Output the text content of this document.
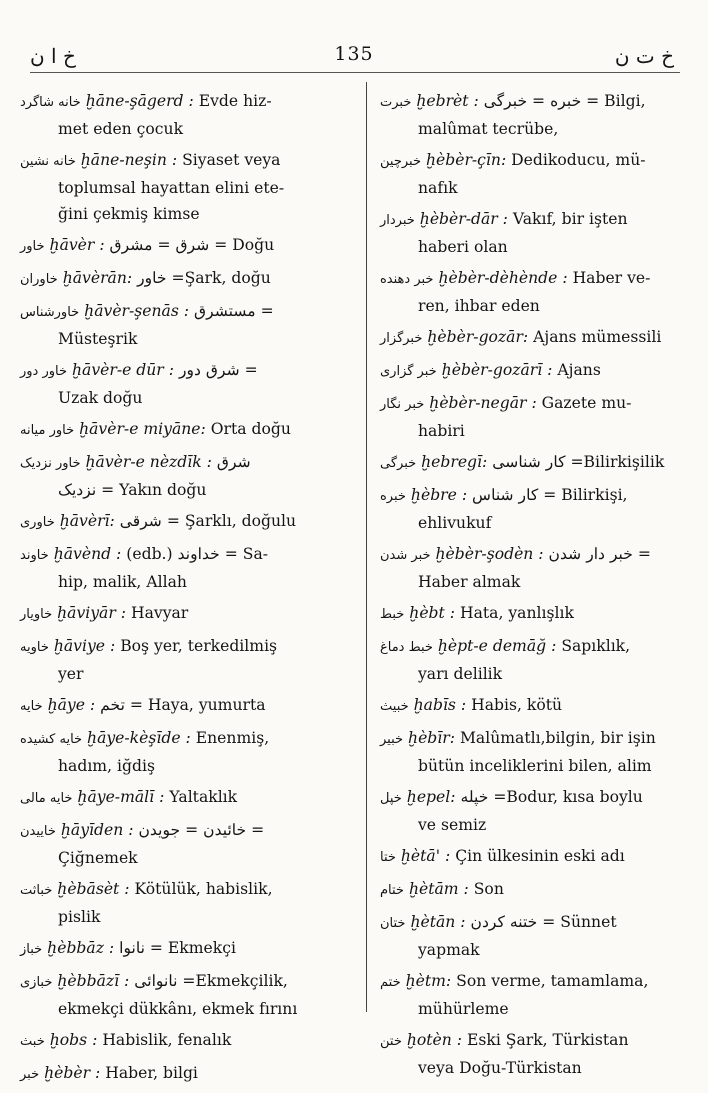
خ ا ن	135	خ ت ن
خانه شاگرد ḫāne-şāgerd : Evde hiz-
met eden çocuk
خانه نشین ḫāne-neşin : Siyaset veya
toplumsal hayattan elini ete-
ğini çekmiş kimse
خاور ḫāvèr : شرق = مشرق = Doğu
خاوران ḫāvèrān: خاور =Şark, doğu
خاورشناس ḫāvèr-şenās : مستشرق =
Müsteşrik
خاور دور ḫāvèr-e dūr : شرق دور =
Uzak doğu
خاور میانه ḫāvèr-e miyāne: Orta doğu
خاور نزدیک ḫāvèr-e nèzdīk : شرق
نزدیک = Yakın doğu
خاوری ḫāvèrī: شرقی = Şarklı, doğulu
خاوند ḫāvènd : (edb.) خداوند = Sa-
hip, malik, Allah
خاویار ḫāviyār : Havyar
خاویه ḫāviye : Boş yer, terkedilmiş
yer
خایه ḫāye : تخم = Haya, yumurta
خایه کشیده ḫāye-kèşīde : Enenmiş,
hadım, iğdiş
خایه مالی ḫāye-mālī : Yaltaklık
خاییدن ḫāyīden : خائیدن = جویدن =
Çiğnemek
خباثت ḫèbāsèt : Kötülük, habislik,
pislik
خباز ḫèbbāz : نانوا = Ekmekçi
خبازی ḫèbbāzī : نانوائی =Ekmekçilik,
ekmekçi dükkânı, ekmek fırını
خبث ḫobs : Habislik, fenalık
خبر ḫèbèr : Haber, bilgi
خبرت ḫebrèt : خبره = خبرگی = Bilgi,
malûmat tecrübe,
خبرچین ḫèbèr-çīn: Dedikoducu, mü-
nafık
خبردار ḫèbèr-dār : Vakıf, bir işten
haberi olan
خبر دهنده ḫèbèr-dèhènde : Haber ve-
ren, ihbar eden
خبرگزار ḫèbèr-gozār: Ajans mümessili
خبر گزاری ḫèbèr-gozārī : Ajans
خبر نگار ḫèbèr-negār : Gazete mu-
habiri
خبرگی ḫebregī: کار شناسی =Bilirkişilik
خبره ḫèbre : کار شناس = Bilirkişi,
ehlivukuf
خبر شدن ḫèbèr-şodèn : خبر دار شدن =
Haber almak
خبط ḫèbt : Hata, yanlışlık
خبط دماغ ḫèpt-e demāğ : Sapıklık,
yarı delilik
خبیث ḫabīs : Habis, kötü
خبیر ḫèbīr: Malûmatlı,bilgin, bir işin
bütün inceliklerini bilen, alim
خپل ḫepel: خپله =Bodur, kısa boylu
ve semiz
ختا ḫètā' : Çin ülkesinin eski adı
ختام ḫètām : Son
ختان ḫètān : ختنه کردن = Sünnet
yapmak
ختم ḫètm: Son verme, tamamlama,
mühürleme
ختن ḫotèn : Eski Şark, Türkistan
veya Doğu-Türkistan
